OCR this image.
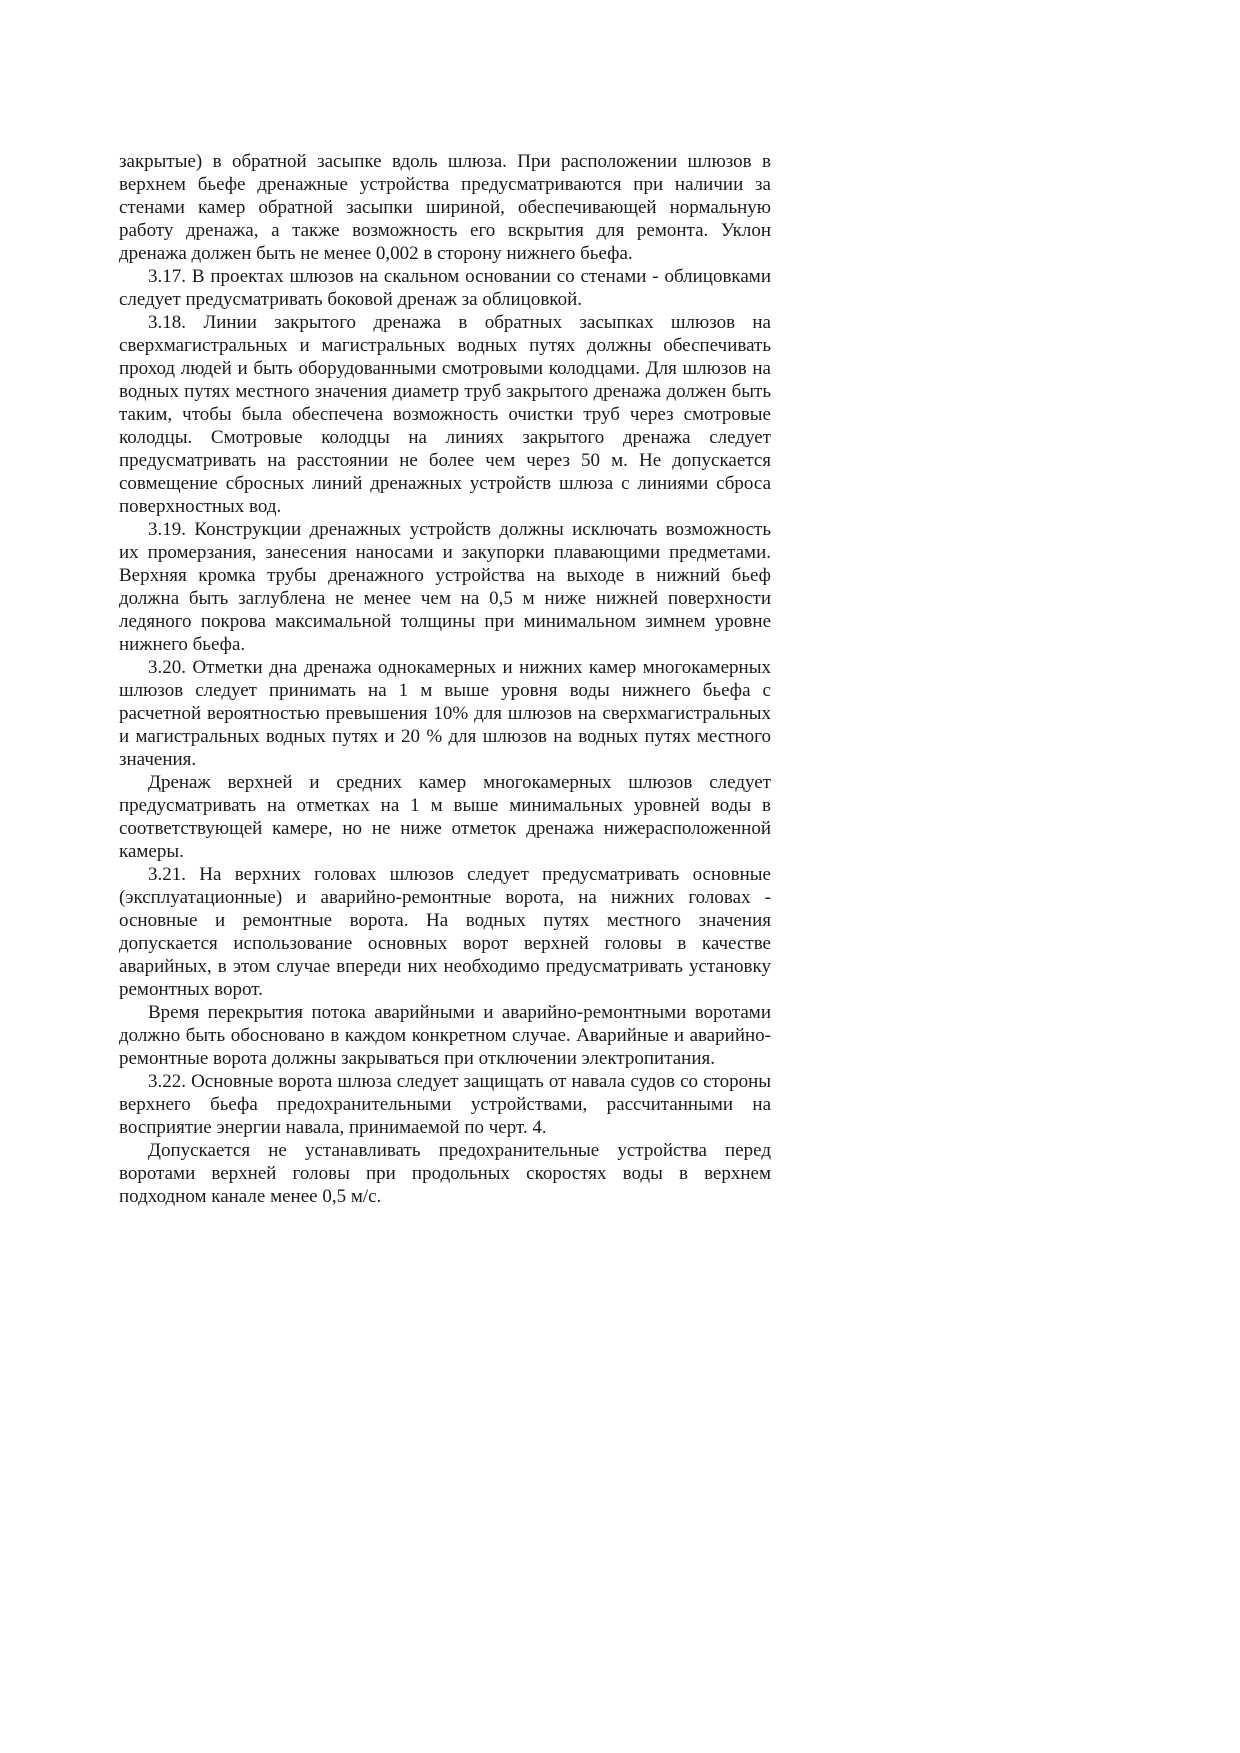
закрытые) в обратной засыпке вдоль шлюза. При расположении шлюзов в верхнем бьефе дренажные устройства предусматриваются при наличии за стенами камер обратной засыпки шириной, обеспечивающей нормальную работу дренажа, а также возможность его вскрытия для ремонта. Уклон дренажа должен быть не менее 0,002 в сторону нижнего бьефа.

3.17. В проектах шлюзов на скальном основании со стенами - облицовками следует предусматривать боковой дренаж за облицовкой.

3.18. Линии закрытого дренажа в обратных засыпках шлюзов на сверхмагистральных и магистральных водных путях должны обеспечивать проход людей и быть оборудованными смотровыми колодцами. Для шлюзов на водных путях местного значения диаметр труб закрытого дренажа должен быть таким, чтобы была обеспечена возможность очистки труб через смотровые колодцы. Смотровые колодцы на линиях закрытого дренажа следует предусматривать на расстоянии не более чем через 50 м. Не допускается совмещение сбросных линий дренажных устройств шлюза с линиями сброса поверхностных вод.

3.19. Конструкции дренажных устройств должны исключать возможность их промерзания, занесения наносами и закупорки плавающими предметами. Верхняя кромка трубы дренажного устройства на выходе в нижний бьеф должна быть заглублена не менее чем на 0,5 м ниже нижней поверхности ледяного покрова максимальной толщины при минимальном зимнем уровне нижнего бьефа.

3.20. Отметки дна дренажа однокамерных и нижних камер многокамерных шлюзов следует принимать на 1 м выше уровня воды нижнего бьефа с расчетной вероятностью превышения 10% для шлюзов на сверхмагистральных и магистральных водных путях и 20 % для шлюзов на водных путях местного значения.

Дренаж верхней и средних камер многокамерных шлюзов следует предусматривать на отметках на 1 м выше минимальных уровней воды в соответствующей камере, но не ниже отметок дренажа нижерасположенной камеры.

3.21. На верхних головах шлюзов следует предусматривать основные (эксплуатационные) и аварийно-ремонтные ворота, на нижних головах - основные и ремонтные ворота. На водных путях местного значения допускается использование основных ворот верхней головы в качестве аварийных, в этом случае впереди них необходимо предусматривать установку ремонтных ворот.

Время перекрытия потока аварийными и аварийно-ремонтными воротами должно быть обосновано в каждом конкретном случае. Аварийные и аварийно-ремонтные ворота должны закрываться при отключении электропитания.

3.22. Основные ворота шлюза следует защищать от навала судов со стороны верхнего бьефа предохранительными устройствами, рассчитанными на восприятие энергии навала, принимаемой по черт. 4.

Допускается не устанавливать предохранительные устройства перед воротами верхней головы при продольных скоростях воды в верхнем подходном канале менее 0,5 м/с.
